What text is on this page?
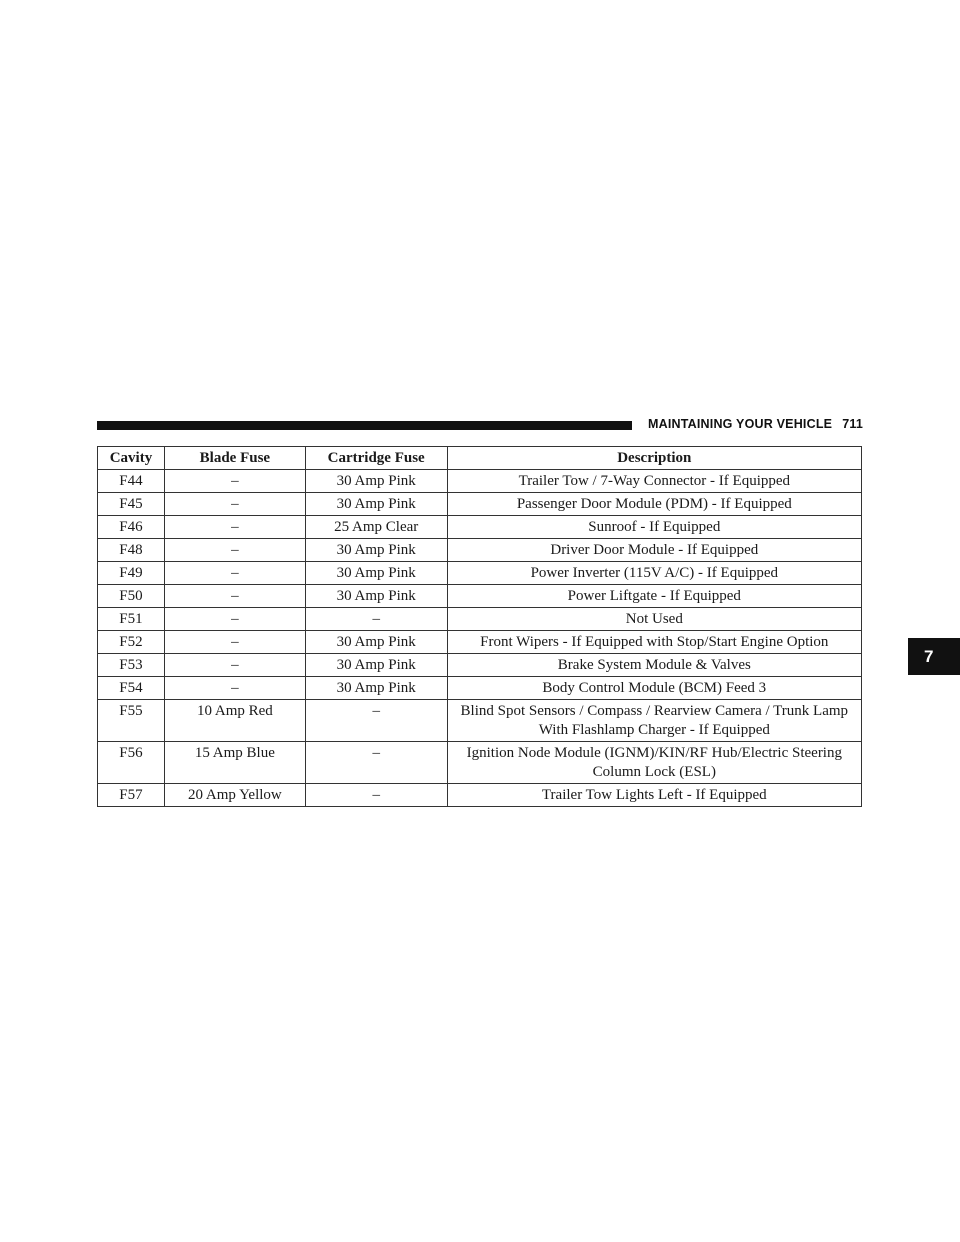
MAINTAINING YOUR VEHICLE 711
7
Cavity	Blade Fuse	Cartridge Fuse	Description
F44	–	30 Amp Pink	Trailer Tow / 7-Way Connector - If Equipped
F45	–	30 Amp Pink	Passenger Door Module (PDM) - If Equipped
F46	–	25 Amp Clear	Sunroof - If Equipped
F48	–	30 Amp Pink	Driver Door Module - If Equipped
F49	–	30 Amp Pink	Power Inverter (115V A/C) - If Equipped
F50	–	30 Amp Pink	Power Liftgate - If Equipped
F51	–	–	Not Used
F52	–	30 Amp Pink	Front Wipers - If Equipped with Stop/Start Engine Option
F53	–	30 Amp Pink	Brake System Module & Valves
F54	–	30 Amp Pink	Body Control Module (BCM) Feed 3
F55	10 Amp Red	–	Blind Spot Sensors / Compass / Rearview Camera / Trunk Lamp With Flashlamp Charger - If Equipped
F56	15 Amp Blue	–	Ignition Node Module (IGNM)/KIN/RF Hub/Electric Steering Column Lock (ESL)
F57	20 Amp Yellow	–	Trailer Tow Lights Left - If Equipped
